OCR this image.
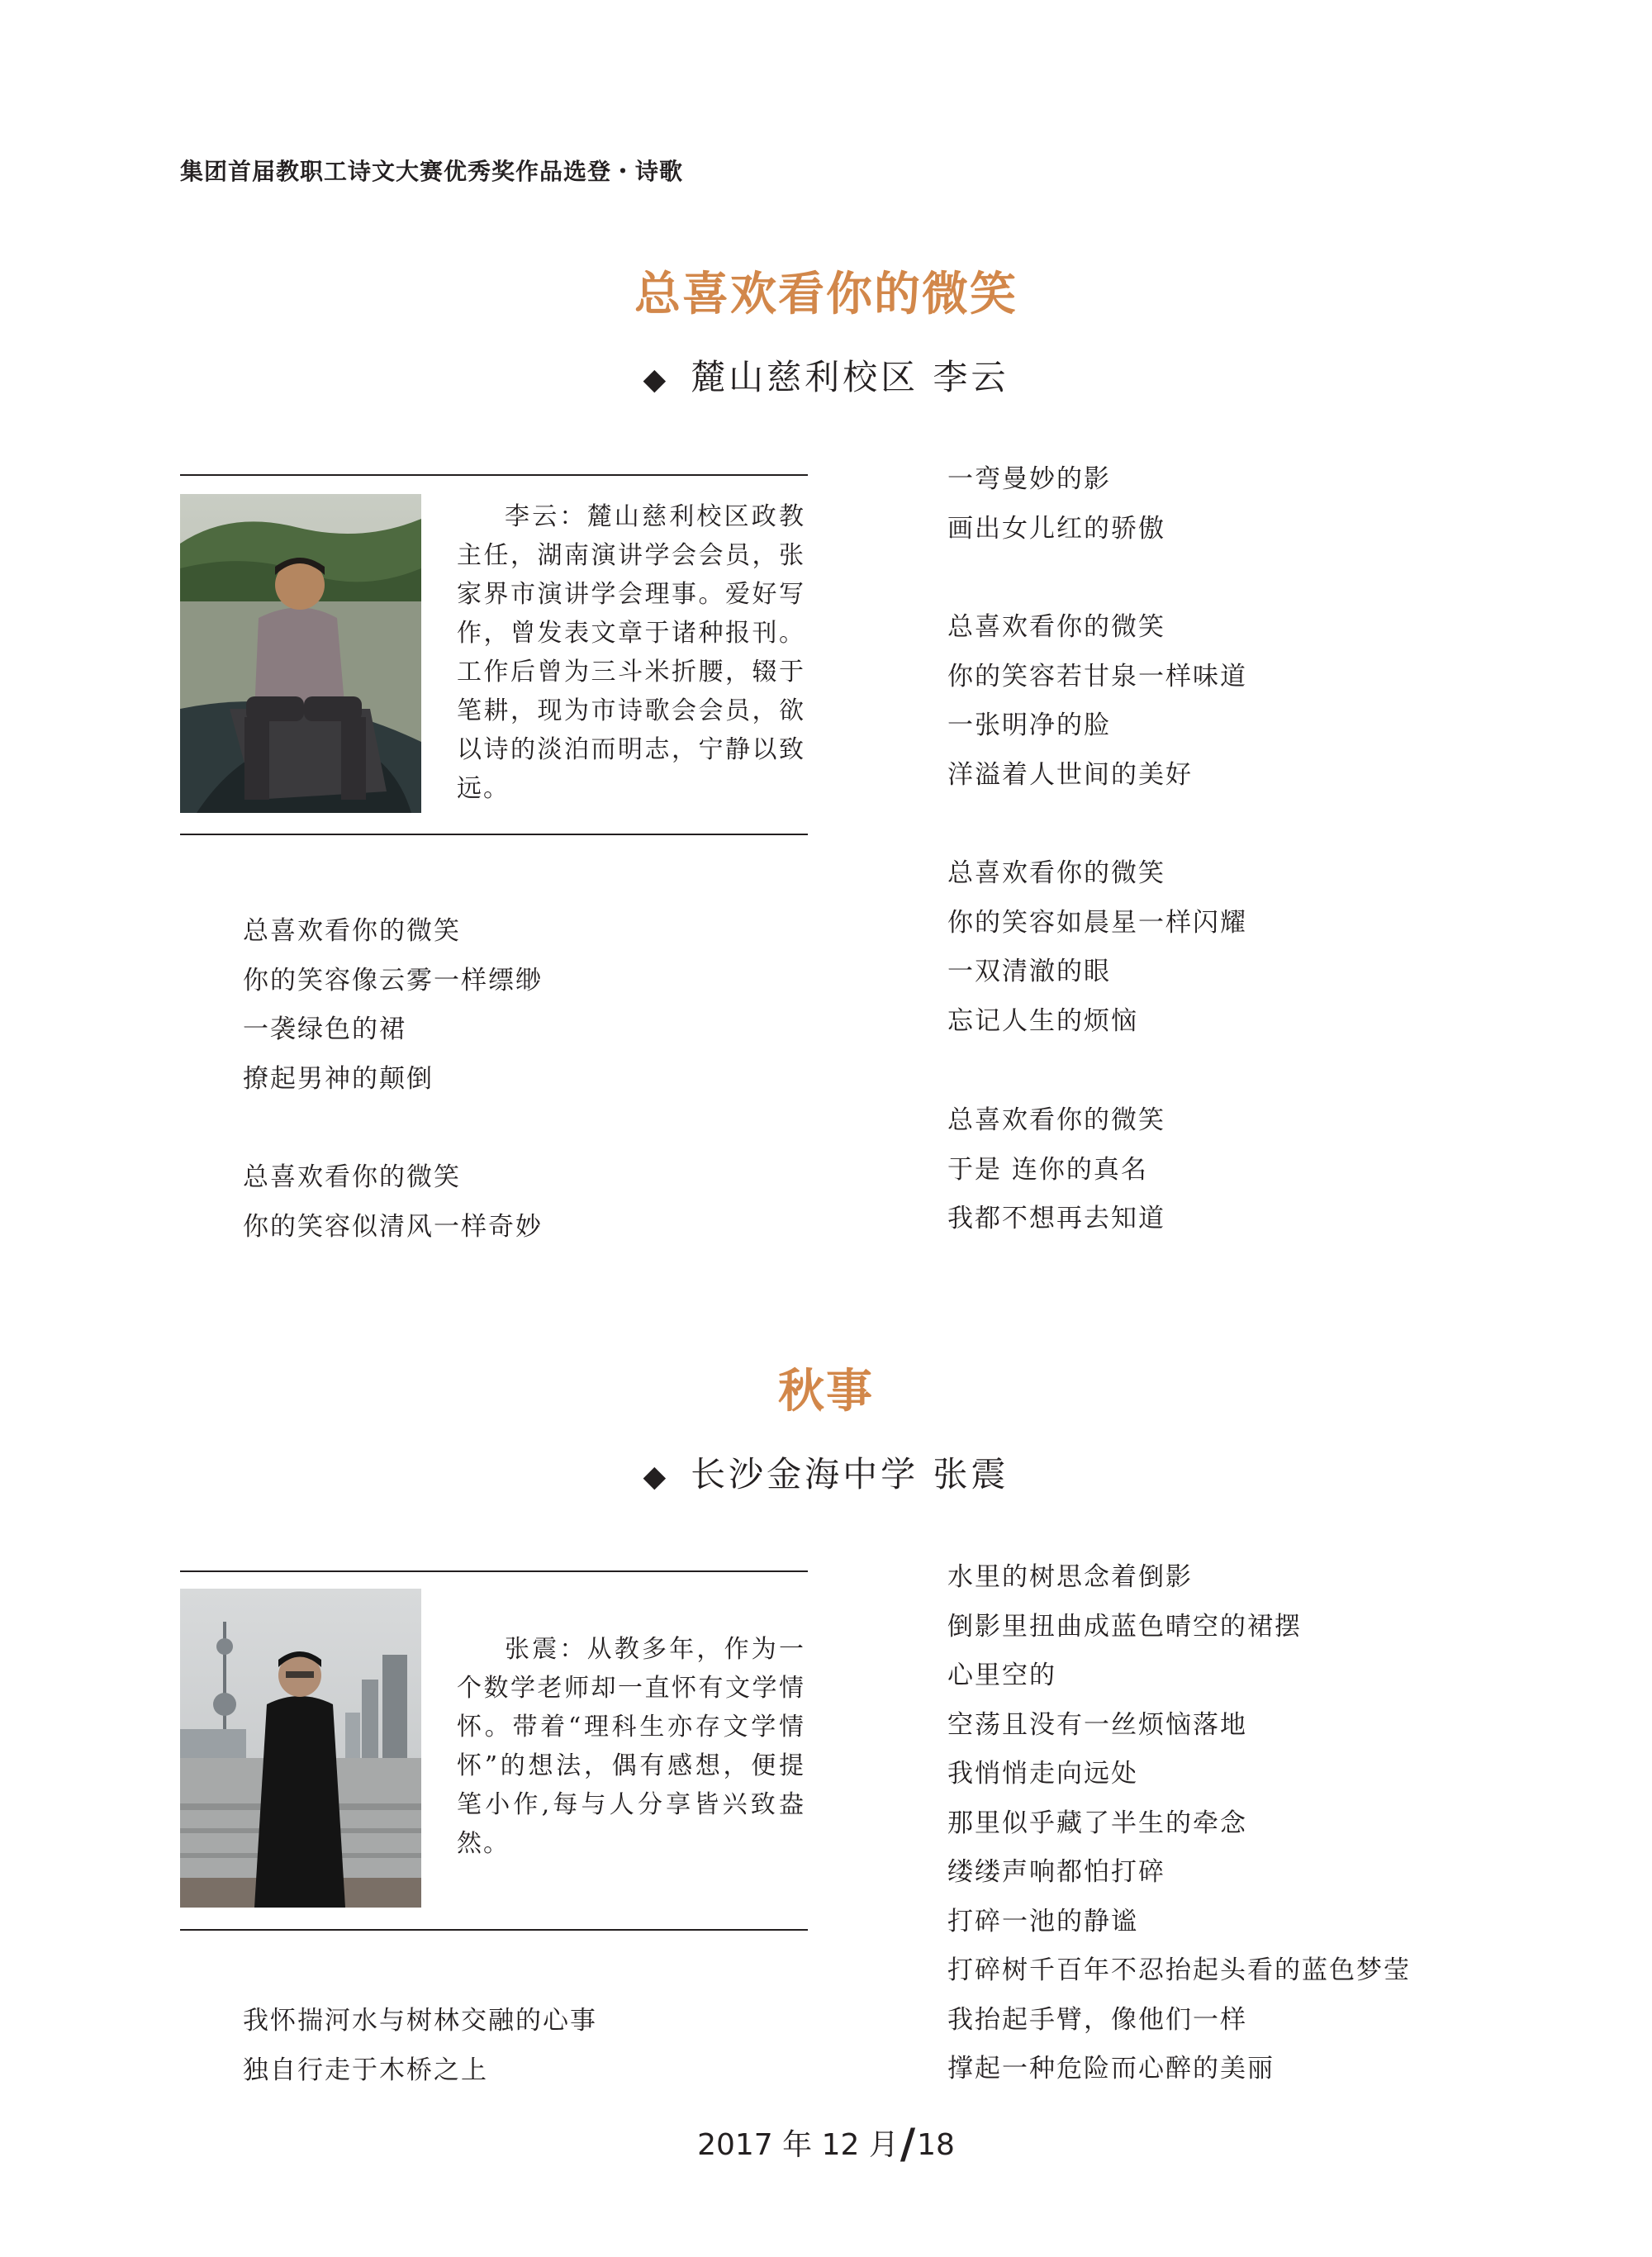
集团首届教职工诗文大赛优秀奖作品选登・诗歌
总喜欢看你的微笑
◆ 麓山慈利校区 李云
李云：麓山慈利校区政教主任，湖南演讲学会会员，张家界市演讲学会理事。爱好写作，曾发表文章于诸种报刊。工作后曾为三斗米折腰，辍于笔耕，现为市诗歌会会员，欲以诗的淡泊而明志，宁静以致远。
总喜欢看你的微笑
你的笑容像云雾一样缥缈
一袭绿色的裙
撩起男神的颠倒
总喜欢看你的微笑
你的笑容似清风一样奇妙
一弯曼妙的影
画出女儿红的骄傲
总喜欢看你的微笑
你的笑容若甘泉一样味道
一张明净的脸
洋溢着人世间的美好
总喜欢看你的微笑
你的笑容如晨星一样闪耀
一双清澈的眼
忘记人生的烦恼
总喜欢看你的微笑
于是 连你的真名
我都不想再去知道
秋事
◆ 长沙金海中学 张震
张震：从教多年，作为一个数学老师却一直怀有文学情怀。带着“理科生亦存文学情怀”的想法，偶有感想，便提笔小作,每与人分享皆兴致盎然。
我怀揣河水与树林交融的心事
独自行走于木桥之上
水里的树思念着倒影
倒影里扭曲成蓝色晴空的裙摆
心里空的
空荡且没有一丝烦恼落地
我悄悄走向远处
那里似乎藏了半生的牵念
缕缕声响都怕打碎
打碎一池的静谧
打碎树千百年不忍抬起头看的蓝色梦莹
我抬起手臂，像他们一样
撑起一种危险而心醉的美丽
2017 年 12 月/18
